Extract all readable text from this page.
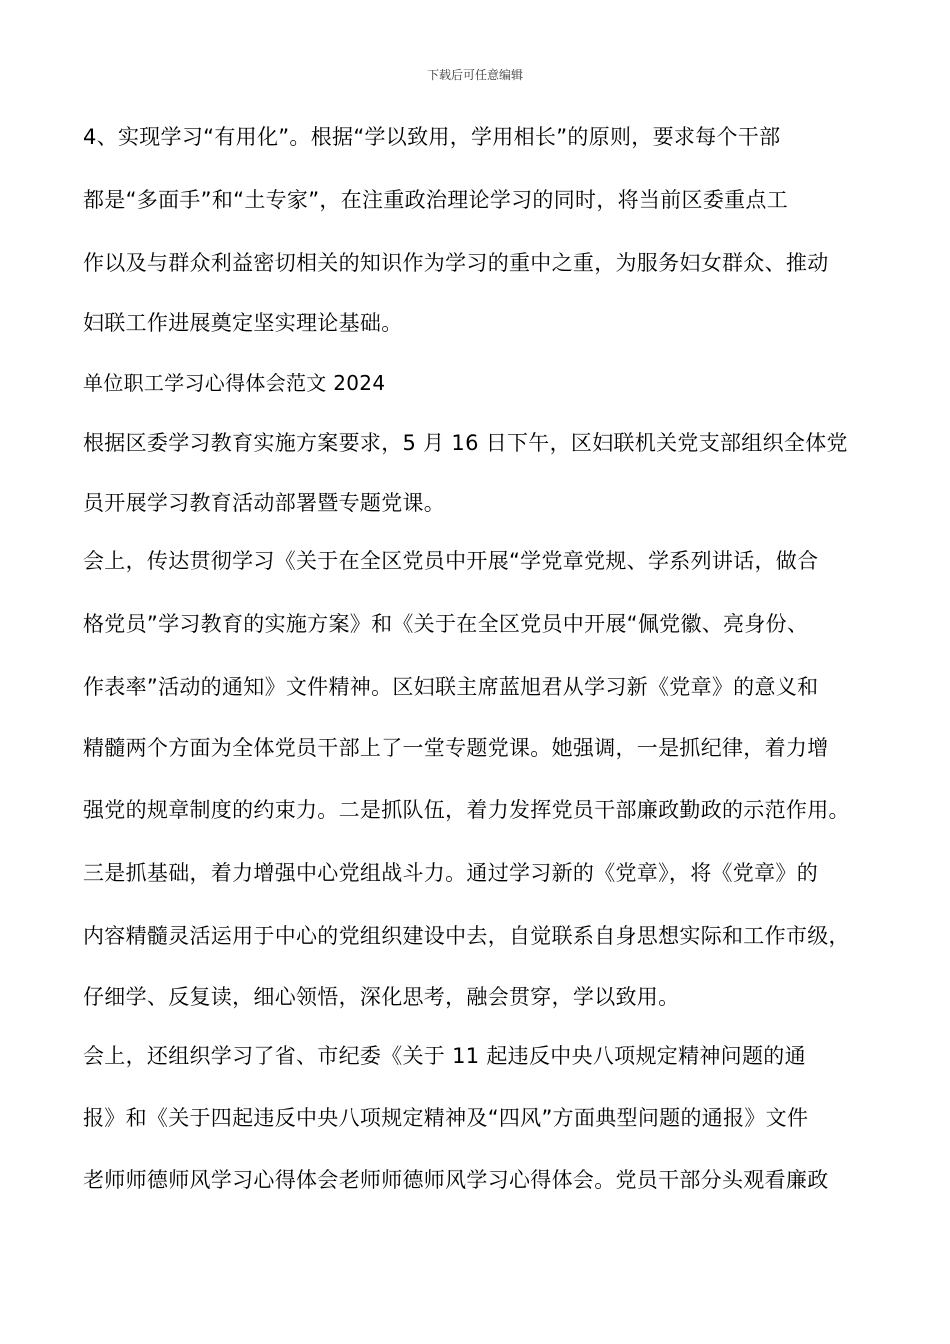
下载后可任意编辑

4、实现学习“有用化”。根据“学以致用，学用相长”的原则，要求每个干部

都是“多面手”和“土专家”，在注重政治理论学习的同时，将当前区委重点工

作以及与群众利益密切相关的知识作为学习的重中之重，为服务妇女群众、推动

妇联工作进展奠定坚实理论基础。

单位职工学习心得体会范文 2024

根据区委学习教育实施方案要求，5 月 16 日下午，区妇联机关党支部组织全体党

员开展学习教育活动部署暨专题党课。

会上，传达贯彻学习《关于在全区党员中开展“学党章党规、学系列讲话，做合

格党员”学习教育的实施方案》和《关于在全区党员中开展“佩党徽、亮身份、

作表率”活动的通知》文件精神。区妇联主席蓝旭君从学习新《党章》的意义和

精髓两个方面为全体党员干部上了一堂专题党课。她强调，一是抓纪律，着力增

强党的规章制度的约束力。二是抓队伍，着力发挥党员干部廉政勤政的示范作用。

三是抓基础，着力增强中心党组战斗力。通过学习新的《党章》，将《党章》的

内容精髓灵活运用于中心的党组织建设中去，自觉联系自身思想实际和工作市级，

仔细学、反复读，细心领悟，深化思考，融会贯穿，学以致用。

会上，还组织学习了省、市纪委《关于 11 起违反中央八项规定精神问题的通

报》和《关于四起违反中央八项规定精神及“四风”方面典型问题的通报》文件

老师师德师风学习心得体会老师师德师风学习心得体会。党员干部分头观看廉政
